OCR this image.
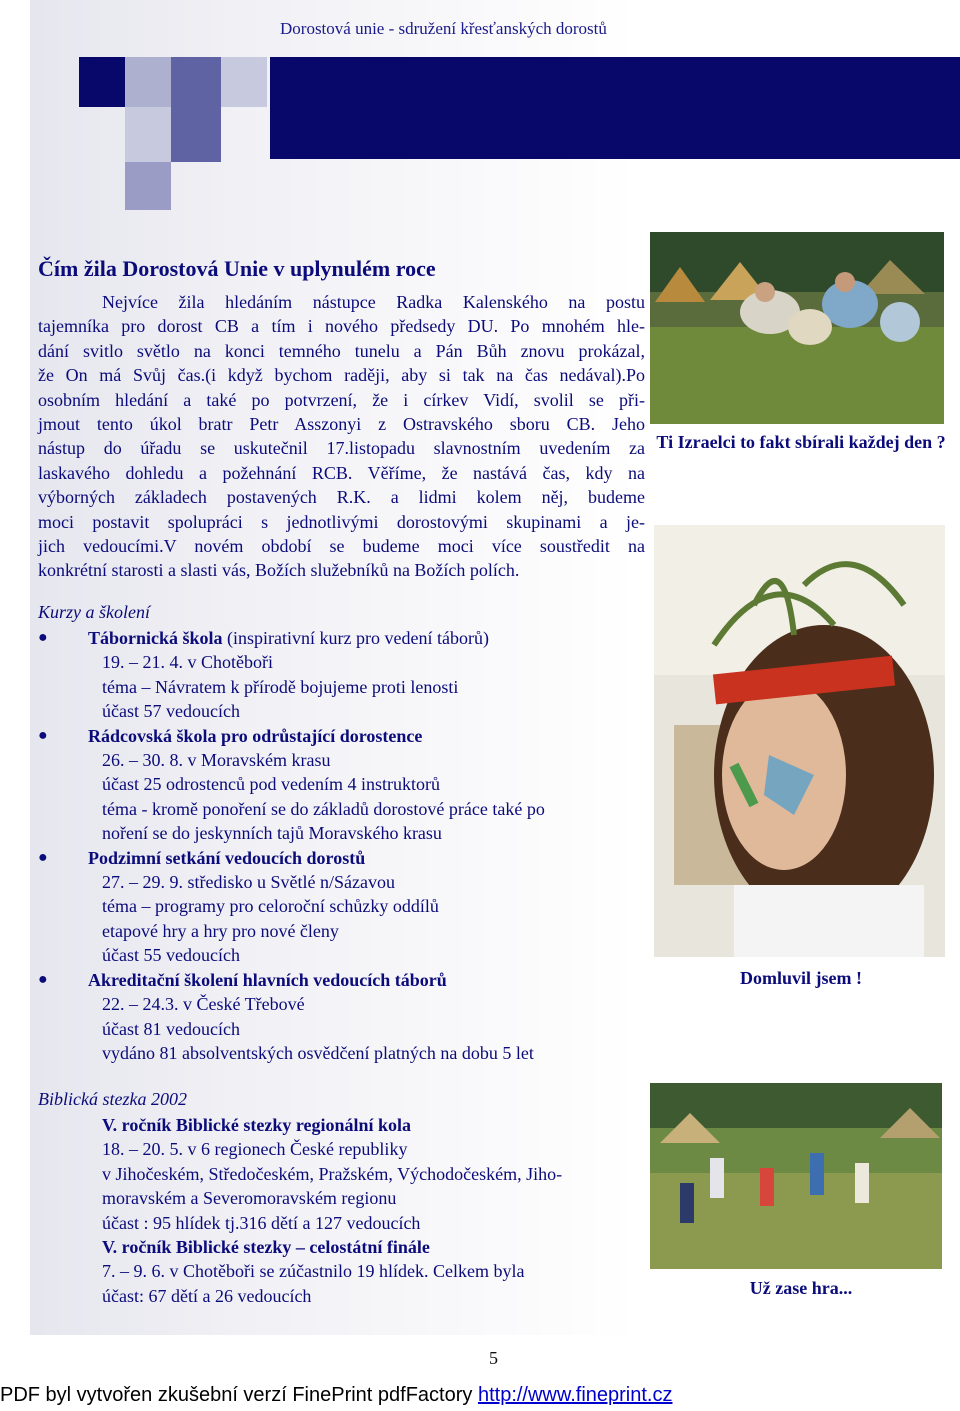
Dorostová unie - sdružení křesťanských dorostů
Čím žila Dorostová Unie v uplynulém roce
Nejvíce žila hledáním nástupce Radka Kalenského na postu
tajemníka pro dorost CB a tím i nového předsedy DU. Po mnohém hle-
dání svitlo světlo na konci temného tunelu a Pán Bůh znovu prokázal,
že On má Svůj čas.(i když bychom raději, aby si tak na čas nedával).Po
osobním hledání a také po potvrzení, že i církev Vidí, svolil se při-
jmout tento úkol bratr Petr Asszonyi z Ostravského sboru CB. Jeho
nástup do úřadu se uskutečnil 17.listopadu slavnostním uvedením za
laskavého dohledu a požehnání RCB. Věříme, že nastává čas, kdy na
výborných základech postavených R.K. a lidmi kolem něj, budeme
moci postavit spolupráci s jednotlivými dorostovými skupinami a je-
jich vedoucími.V novém období se budeme moci více soustředit na
konkrétní starosti a slasti vás, Božích služebníků na Božích polích.
Kurzy a školení
● Tábornická škola (inspirativní kurz pro vedení táborů)
19. – 21. 4. v Chotěboři
téma – Návratem k přírodě bojujeme proti lenosti
účast 57 vedoucích
● Rádcovská škola pro odrůstající dorostence
26. – 30. 8. v Moravském krasu
účast 25 odrostenců pod vedením 4 instruktorů
téma - kromě ponoření se do základů dorostové práce také po
noření se do jeskynních tajů Moravského krasu
● Podzimní setkání vedoucích dorostů
27. – 29. 9. středisko u Světlé n/Sázavou
téma – programy pro celoroční schůzky oddílů
etapové hry a hry pro nové členy
účast 55 vedoucích
● Akreditační školení hlavních vedoucích táborů
22. – 24.3. v České Třebové
účast 81 vedoucích
vydáno 81 absolventských osvědčení platných na dobu 5 let
Biblická stezka 2002
V. ročník Biblické stezky regionální kola
18. – 20. 5. v 6 regionech České republiky
v Jihočeském, Středočeském, Pražském, Východočeském, Jiho-
moravském a Severomoravském regionu
účast : 95 hlídek tj.316 dětí a 127 vedoucích
V. ročník Biblické stezky – celostátní finále
7. – 9. 6. v Chotěboři se zúčastnilo 19 hlídek. Celkem byla
účast: 67 dětí a 26 vedoucích
Ti Izraelci to fakt sbírali každej den ?
Domluvil jsem !
Už zase hra...
5
PDF byl vytvořen zkušební verzí FinePrint pdfFactory http://www.fineprint.cz
